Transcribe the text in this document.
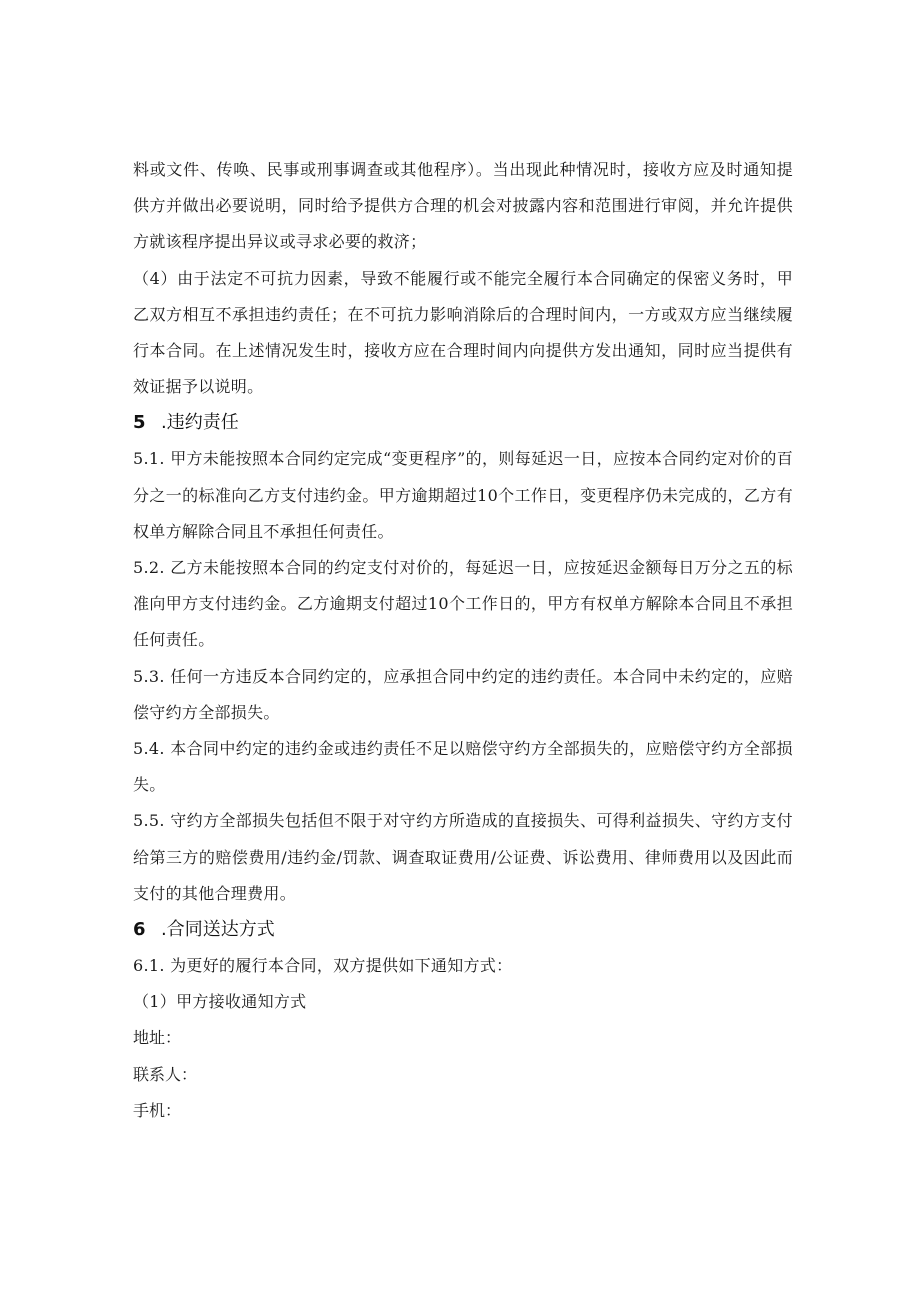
料或文件、传唤、民事或刑事调查或其他程序）。当出现此种情况时，接收方应及时通知提供方并做出必要说明，同时给予提供方合理的机会对披露内容和范围进行审阅，并允许提供方就该程序提出异议或寻求必要的救济；

（4）由于法定不可抗力因素，导致不能履行或不能完全履行本合同确定的保密义务时，甲乙双方相互不承担违约责任；在不可抗力影响消除后的合理时间内，一方或双方应当继续履行本合同。在上述情况发生时，接收方应在合理时间内向提供方发出通知，同时应当提供有效证据予以说明。

5 .违约责任

5.1. 甲方未能按照本合同约定完成“变更程序”的，则每延迟一日，应按本合同约定对价的百分之一的标准向乙方支付违约金。甲方逾期超过10个工作日，变更程序仍未完成的，乙方有权单方解除合同且不承担任何责任。

5.2. 乙方未能按照本合同的约定支付对价的，每延迟一日，应按延迟金额每日万分之五的标准向甲方支付违约金。乙方逾期支付超过10个工作日的，甲方有权单方解除本合同且不承担任何责任。

5.3. 任何一方违反本合同约定的，应承担合同中约定的违约责任。本合同中未约定的，应赔偿守约方全部损失。

5.4. 本合同中约定的违约金或违约责任不足以赔偿守约方全部损失的，应赔偿守约方全部损失。

5.5. 守约方全部损失包括但不限于对守约方所造成的直接损失、可得利益损失、守约方支付给第三方的赔偿费用/违约金/罚款、调查取证费用/公证费、诉讼费用、律师费用以及因此而支付的其他合理费用。

6 .合同送达方式

6.1. 为更好的履行本合同，双方提供如下通知方式：

（1）甲方接收通知方式

地址：

联系人：

手机：
